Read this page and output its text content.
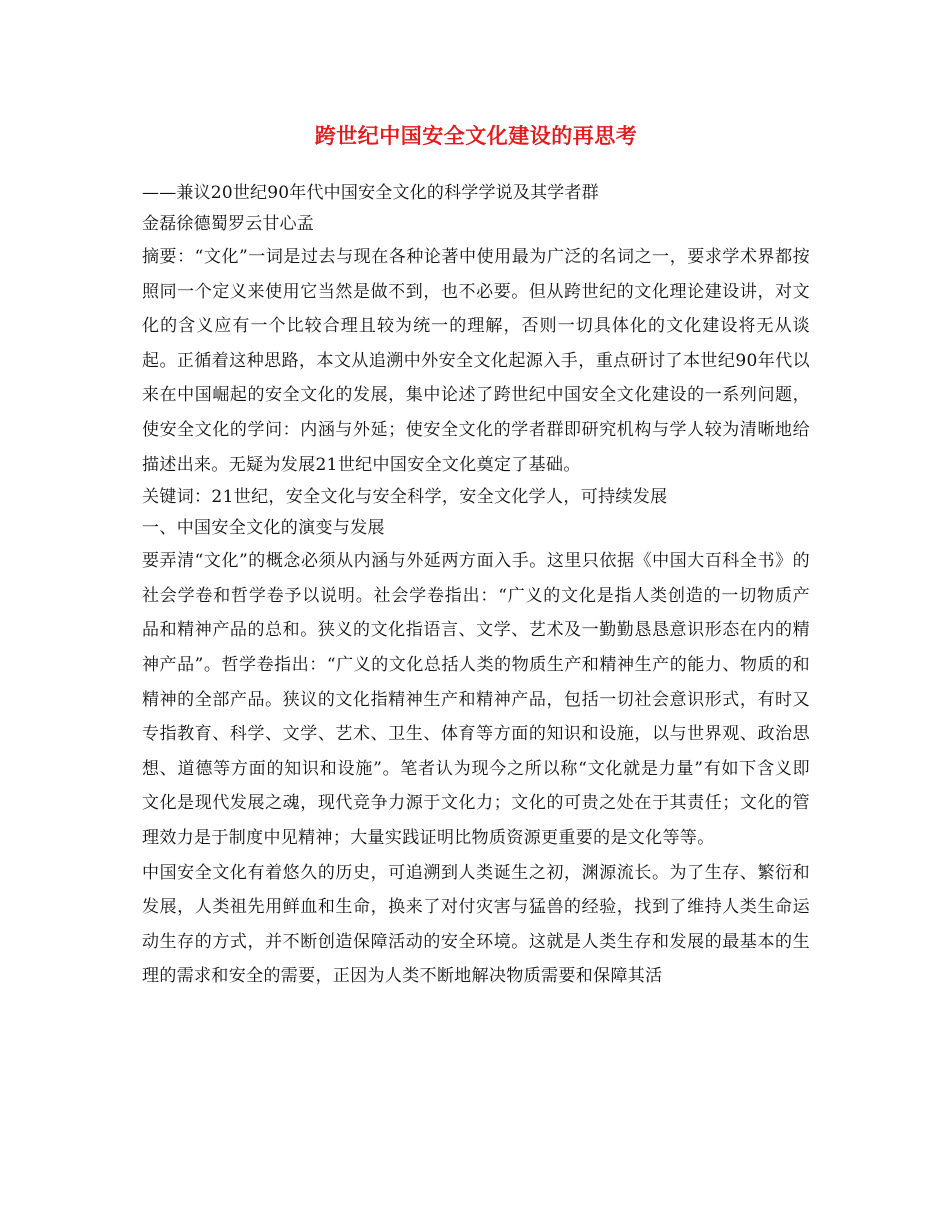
跨世纪中国安全文化建设的再思考

——兼议20世纪90年代中国安全文化的科学学说及其学者群

金磊徐德蜀罗云甘心孟

摘要：“文化”一词是过去与现在各种论著中使用最为广泛的名词之一，要求学术界都按照同一个定义来使用它当然是做不到，也不必要。但从跨世纪的文化理论建设讲，对文化的含义应有一个比较合理且较为统一的理解，否则一切具体化的文化建设将无从谈起。正循着这种思路，本文从追溯中外安全文化起源入手，重点研讨了本世纪90年代以来在中国崛起的安全文化的发展，集中论述了跨世纪中国安全文化建设的一系列问题，使安全文化的学问：内涵与外延；使安全文化的学者群即研究机构与学人较为清晰地给描述出来。无疑为发展21世纪中国安全文化奠定了基础。

关键词：21世纪，安全文化与安全科学，安全文化学人，可持续发展

一、中国安全文化的演变与发展

要弄清“文化”的概念必须从内涵与外延两方面入手。这里只依据《中国大百科全书》的社会学卷和哲学卷予以说明。社会学卷指出：“广义的文化是指人类创造的一切物质产品和精神产品的总和。狭义的文化指语言、文学、艺术及一勤勤恳恳意识形态在内的精神产品”。哲学卷指出：“广义的文化总括人类的物质生产和精神生产的能力、物质的和精神的全部产品。狭议的文化指精神生产和精神产品，包括一切社会意识形式，有时又专指教育、科学、文学、艺术、卫生、体育等方面的知识和设施，以与世界观、政治思想、道德等方面的知识和设施”。笔者认为现今之所以称“文化就是力量”有如下含义即文化是现代发展之魂，现代竞争力源于文化力；文化的可贵之处在于其责任；文化的管理效力是于制度中见精神；大量实践证明比物质资源更重要的是文化等等。

中国安全文化有着悠久的历史，可追溯到人类诞生之初，渊源流长。为了生存、繁衍和发展，人类祖先用鲜血和生命，换来了对付灾害与猛兽的经验，找到了维持人类生命运动生存的方式，并不断创造保障活动的安全环境。这就是人类生存和发展的最基本的生理的需求和安全的需要，正因为人类不断地解决物质需要和保障其活
